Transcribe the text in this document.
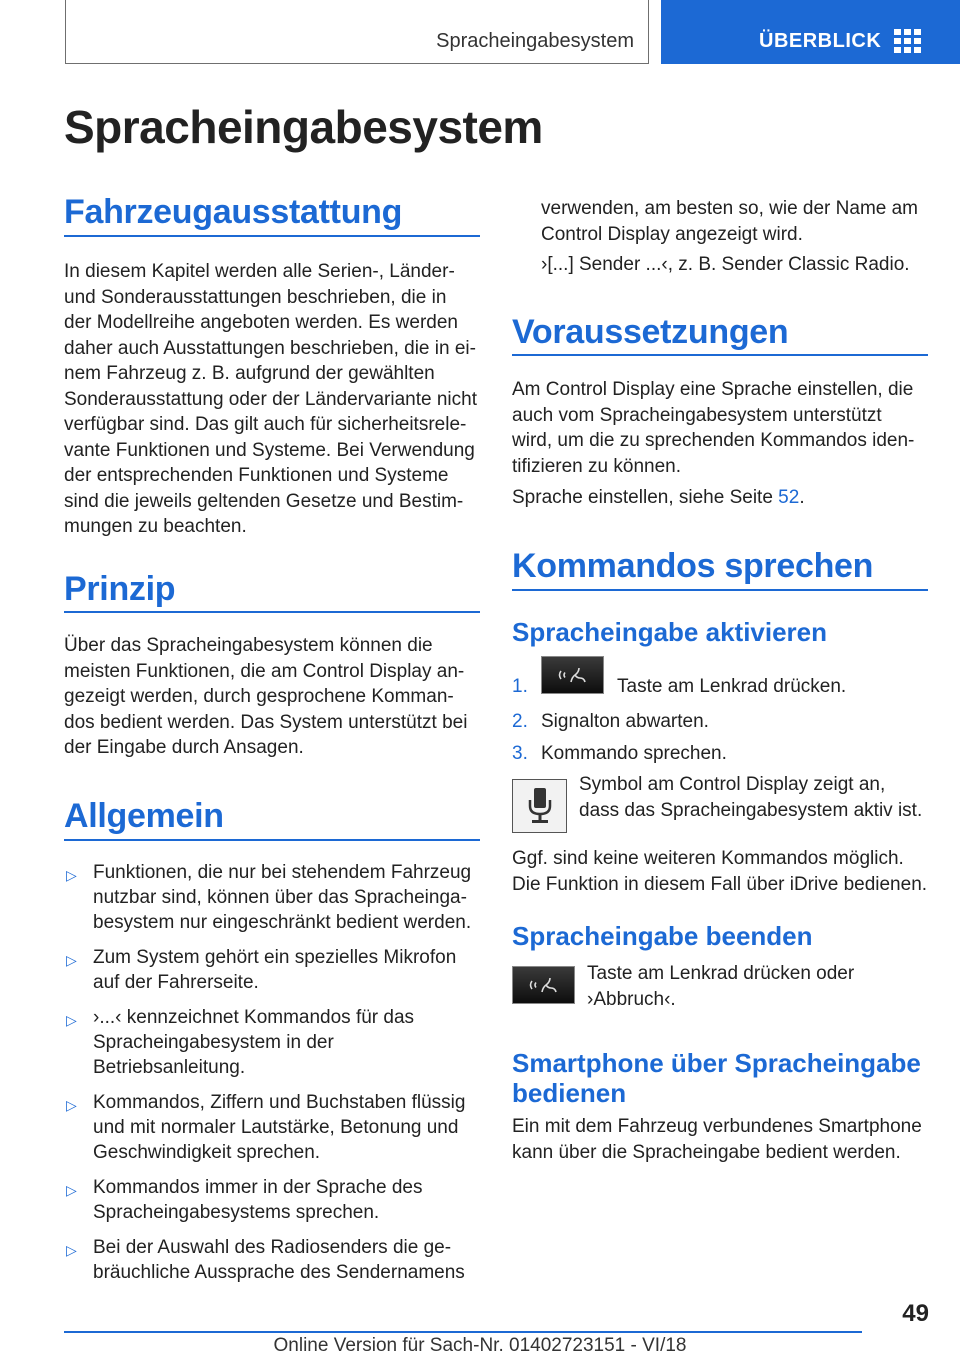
Spracheingabesystem	ÜBERBLICK
Spracheingabesystem
Fahrzeugausstattung
In diesem Kapitel werden alle Serien-, Länder-
und Sonderausstattungen beschrieben, die in
der Modellreihe angeboten werden. Es werden
daher auch Ausstattungen beschrieben, die in ei-
nem Fahrzeug z. B. aufgrund der gewählten
Sonderausstattung oder der Ländervariante nicht
verfügbar sind. Das gilt auch für sicherheitsrele-
vante Funktionen und Systeme. Bei Verwendung
der entsprechenden Funktionen und Systeme
sind die jeweils geltenden Gesetze und Bestim-
mungen zu beachten.
Prinzip
Über das Spracheingabesystem können die
meisten Funktionen, die am Control Display an-
gezeigt werden, durch gesprochene Komman-
dos bedient werden. Das System unterstützt bei
der Eingabe durch Ansagen.
Allgemein
▷ Funktionen, die nur bei stehendem Fahrzeug
nutzbar sind, können über das Spracheinga-
besystem nur eingeschränkt bedient werden.
▷ Zum System gehört ein spezielles Mikrofon
auf der Fahrerseite.
▷ ›...‹ kennzeichnet Kommandos für das
Spracheingabesystem in der
Betriebsanleitung.
▷ Kommandos, Ziffern und Buchstaben flüssig
und mit normaler Lautstärke, Betonung und
Geschwindigkeit sprechen.
▷ Kommandos immer in der Sprache des
Spracheingabesystems sprechen.
▷ Bei der Auswahl des Radiosenders die ge-
bräuchliche Aussprache des Sendernamens
verwenden, am besten so, wie der Name am
Control Display angezeigt wird.
›[...] Sender ...‹, z. B. Sender Classic Radio.
Voraussetzungen
Am Control Display eine Sprache einstellen, die
auch vom Spracheingabesystem unterstützt
wird, um die zu sprechenden Kommandos iden-
tifizieren zu können.
Sprache einstellen, siehe Seite 52.
Kommandos sprechen
Spracheingabe aktivieren
1.	Taste am Lenkrad drücken.
2. Signalton abwarten.
3. Kommando sprechen.
Symbol am Control Display zeigt an,
dass das Spracheingabesystem aktiv ist.
Ggf. sind keine weiteren Kommandos möglich.
Die Funktion in diesem Fall über iDrive bedienen.
Spracheingabe beenden
Taste am Lenkrad drücken oder
›Abbruch‹.
Smartphone über Spracheingabe
bedienen
Ein mit dem Fahrzeug verbundenes Smartphone
kann über die Spracheingabe bedient werden.
49
Online Version für Sach-Nr. 01402723151 - VI/18
